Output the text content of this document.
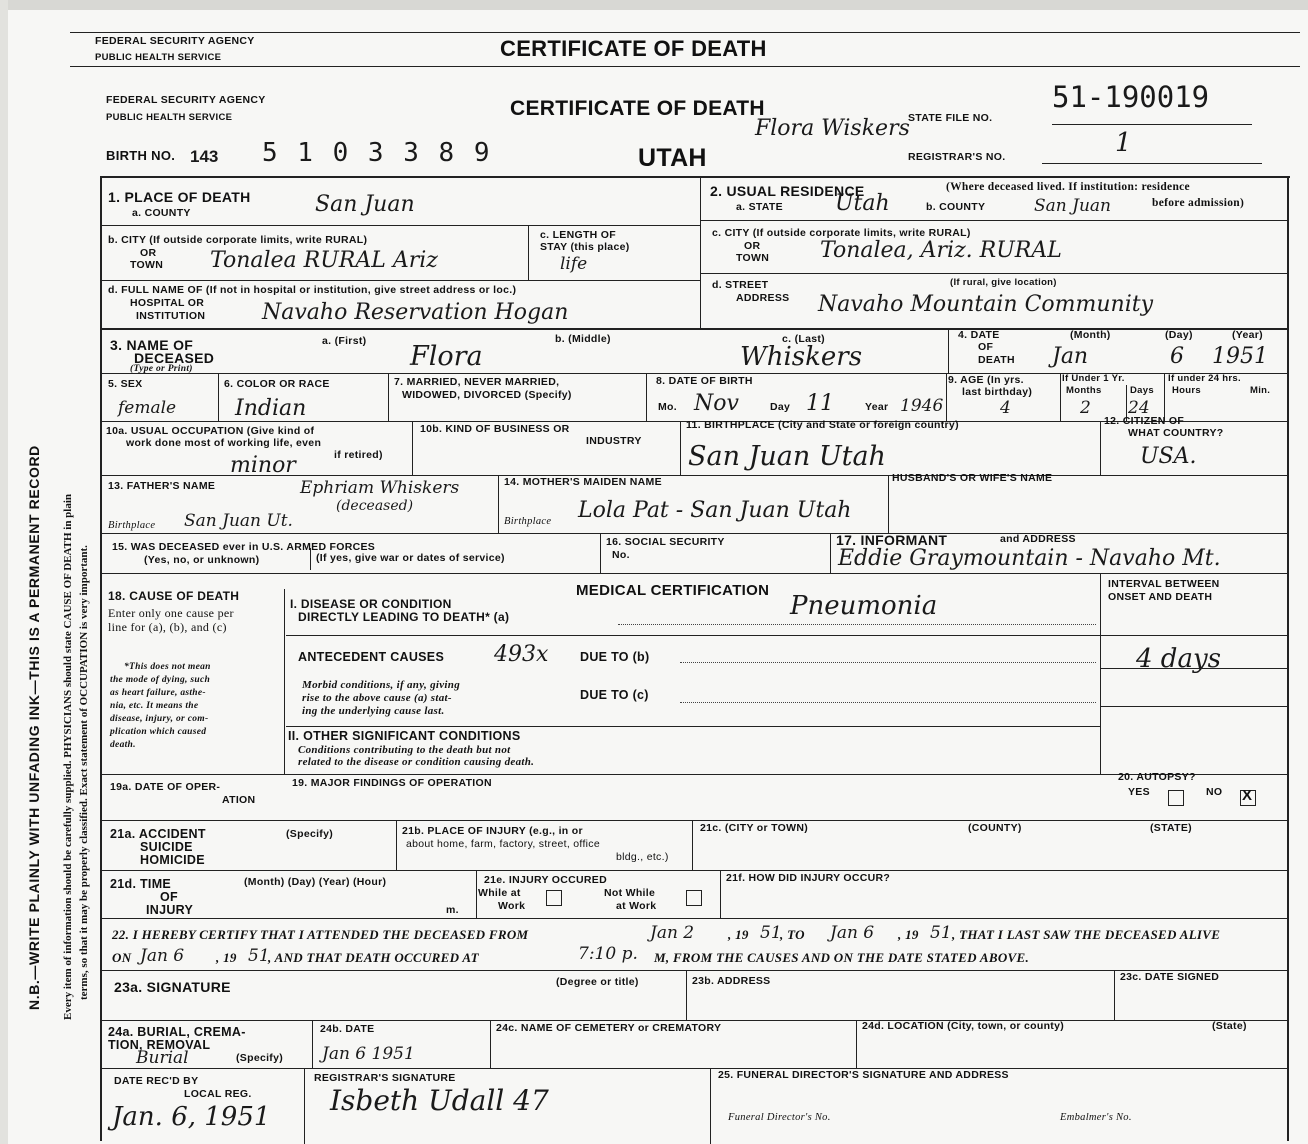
FEDERAL SECURITY AGENCY
PUBLIC HEALTH SERVICE	CERTIFICATE OF DEATH
N.B.—WRITE PLAINLY WITH UNFADING INK—THIS IS A PERMANENT RECORD Every item of information should be carefully supplied. PHYSICIANS should state CAUSE OF DEATH in plain terms, so that it may be properly classified. Exact statement of OCCUPATION is very important.
FEDERAL SECURITY AGENCY
PUBLIC HEALTH SERVICE	CERTIFICATE OF DEATH
BIRTH NO. 143 5 1 0 3 3 8 9	UTAH
Flora Wiskers
STATE FILE NO.
51-190019
REGISTRAR'S NO.	1
1. PLACE OF DEATH
a. COUNTY	San Juan
b. CITY (If outside corporate limits, write RURAL)
OR
TOWN Tonalea RURAL Ariz
c. LENGTH OF
STAY (this place)
life
d. FULL NAME OF (If not in hospital or institution, give street address or loc.)
HOSPITAL OR
INSTITUTION	Navaho Reservation Hogan
2. USUAL RESIDENCE	(Where deceased lived. If institution: residence
before admission)
a. STATE Utah	b. COUNTY	San Juan
c. CITY (If outside corporate limits, write RURAL)
OR
TOWN Tonalea, Ariz. RURAL
d. STREET
ADDRESS
(If rural, give location)
Navaho Mountain Community
3. NAME OF
DECEASED
(Type or Print)
a. (First) Flora
b. (Middle)	c. (Last)
Whiskers
4. DATE
OF
DEATH
(Month)	(Day)	(Year)
Jan	6 1951
5. SEX
female
6. COLOR OR RACE
Indian
7. MARRIED, NEVER MARRIED,
WIDOWED, DIVORCED (Specify)
8. DATE OF BIRTH
Mo. Nov	Day 11	Year 1946
9. AGE (In yrs.
last birthday)
4
If Under 1 Yr.
Months
2
Days
24
If under 24 hrs.
Hours	Min.
10a. USUAL OCCUPATION (Give kind of
work done most of working life, even
if retired)
minor
10b. KIND OF BUSINESS OR
INDUSTRY
11. BIRTHPLACE (City and State or foreign country)
San Juan Utah
12. CITIZEN OF
WHAT COUNTRY?
USA.
13. FATHER'S NAME	Ephriam Whiskers
(deceased)
Birthplace San Juan Ut.
14. MOTHER'S MAIDEN NAME
Birthplace Lola Pat - San Juan Utah
HUSBAND'S OR WIFE'S NAME
15. WAS DECEASED ever in U.S. ARMED FORCES
(Yes, no, or unknown)	(If yes, give war or dates of service)
16. SOCIAL SECURITY
No.
17. INFORMANT	and ADDRESS
Eddie Graymountain - Navaho Mt.
MEDICAL CERTIFICATION
18. CAUSE OF DEATH
Enter only one cause per
line for (a), (b), and (c)
*This does not mean
the mode of dying, such
as heart failure, asthe-
nia, etc. It means the
disease, injury, or com-
plication which caused
death.
I. DISEASE OR CONDITION
DIRECTLY LEADING TO DEATH* (a)	Pneumonia
ANTECEDENT CAUSES 493x	DUE TO (b)
Morbid conditions, if any, giving
rise to the above cause (a) stat-
ing the underlying cause last.
DUE TO (c)
INTERVAL BETWEEN
ONSET AND DEATH
4 days
II. OTHER SIGNIFICANT CONDITIONS
Conditions contributing to the death but not
related to the disease or condition causing death.
19a. DATE OF OPER-
ATION
19. MAJOR FINDINGS OF OPERATION	20. AUTOPSY?
YES	NO X
21a. ACCIDENT
SUICIDE
HOMICIDE
(Specify)	21b. PLACE OF INJURY (e.g., in or
about home, farm, factory, street, office
bldg., etc.)
21c. (CITY or TOWN)	(COUNTY)	(STATE)
21d. TIME
OF
INJURY
(Month) (Day) (Year) (Hour)
m.
21e. INJURY OCCURED
While at
Work
Not While
at Work
21f. HOW DID INJURY OCCUR?
22. I HEREBY CERTIFY THAT I ATTENDED THE DECEASED FROM	Jan 2	, 19 51
, TO Jan 6 , 19 51 , THAT I LAST SAW THE DECEASED ALIVE
ON Jan 6 , 19 51
, AND THAT DEATH OCCURED AT	7:10 p. M, FROM THE CAUSES AND ON THE DATE STATED ABOVE.
23a. SIGNATURE	(Degree or title)	23b. ADDRESS	23c. DATE SIGNED
24a. BURIAL, CREMA-
TION, REMOVAL
(Specify)
Burial
24b. DATE
Jan 6 1951
24c. NAME OF CEMETERY or CREMATORY	24d. LOCATION (City, town, or county)	(State)
DATE REC'D BY
LOCAL REG.
Jan. 6, 1951
REGISTRAR'S SIGNATURE
Isbeth Udall 47
25. FUNERAL DIRECTOR'S SIGNATURE AND ADDRESS
Funeral Director's No.	Embalmer's No.
